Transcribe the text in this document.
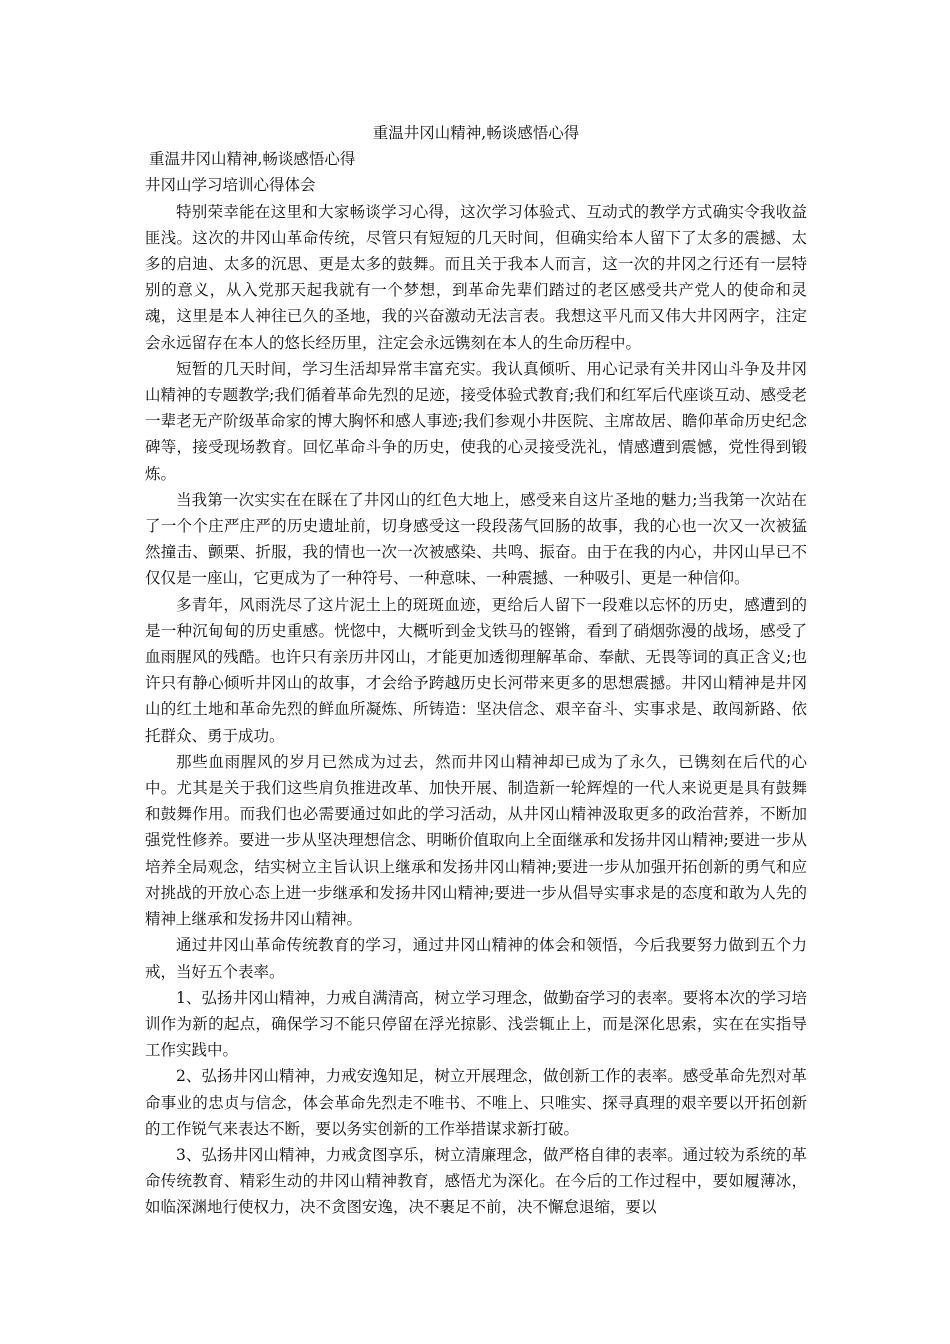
重温井冈山精神,畅谈感悟心得

重温井冈山精神,畅谈感悟心得

井冈山学习培训心得体会

特别荣幸能在这里和大家畅谈学习心得，这次学习体验式、互动式的教学方式确实令我收益匪浅。这次的井冈山革命传统，尽管只有短短的几天时间，但确实给本人留下了太多的震撼、太多的启迪、太多的沉思、更是太多的鼓舞。而且关于我本人而言，这一次的井冈之行还有一层特别的意义，从入党那天起我就有一个梦想，到革命先辈们踏过的老区感受共产党人的使命和灵魂，这里是本人神往已久的圣地，我的兴奋激动无法言表。我想这平凡而又伟大井冈两字，注定会永远留存在本人的悠长经历里，注定会永远镌刻在本人的生命历程中。

短暂的几天时间，学习生活却异常丰富充实。我认真倾听、用心记录有关井冈山斗争及井冈山精神的专题教学;我们循着革命先烈的足迹，接受体验式教育;我们和红军后代座谈互动、感受老一辈老无产阶级革命家的博大胸怀和感人事迹;我们参观小井医院、主席故居、瞻仰革命历史纪念碑等，接受现场教育。回忆革命斗争的历史，使我的心灵接受洗礼，情感遭到震憾，党性得到锻炼。

当我第一次实实在在睬在了井冈山的红色大地上，感受来自这片圣地的魅力;当我第一次站在了一个个庄严庄严的历史遗址前，切身感受这一段段荡气回肠的故事，我的心也一次又一次被猛然撞击、颤栗、折服，我的情也一次一次被感染、共鸣、振奋。由于在我的内心，井冈山早已不仅仅是一座山，它更成为了一种符号、一种意味、一种震撼、一种吸引、更是一种信仰。

多青年，风雨洗尽了这片泥土上的斑斑血迹，更给后人留下一段难以忘怀的历史，感遭到的是一种沉甸甸的历史重感。恍惚中，大概听到金戈铁马的铿锵，看到了硝烟弥漫的战场，感受了血雨腥风的残酷。也许只有亲历井冈山，才能更加透彻理解革命、奉献、无畏等词的真正含义;也许只有静心倾听井冈山的故事，才会给予跨越历史长河带来更多的思想震撼。井冈山精神是井冈山的红土地和革命先烈的鲜血所凝炼、所铸造：坚决信念、艰辛奋斗、实事求是、敢闯新路、依托群众、勇于成功。

那些血雨腥风的岁月已然成为过去，然而井冈山精神却已成为了永久，已镌刻在后代的心中。尤其是关于我们这些肩负推进改革、加快开展、制造新一轮辉煌的一代人来说更是具有鼓舞和鼓舞作用。而我们也必需要通过如此的学习活动，从井冈山精神汲取更多的政治营养，不断加强党性修养。要进一步从坚决理想信念、明晰价值取向上全面继承和发扬井冈山精神;要进一步从培养全局观念，结实树立主旨认识上继承和发扬井冈山精神;要进一步从加强开拓创新的勇气和应对挑战的开放心态上进一步继承和发扬井冈山精神;要进一步从倡导实事求是的态度和敢为人先的精神上继承和发扬井冈山精神。

通过井冈山革命传统教育的学习，通过井冈山精神的体会和领悟，今后我要努力做到五个力戒，当好五个表率。

1、弘扬井冈山精神，力戒自满清高，树立学习理念，做勤奋学习的表率。要将本次的学习培训作为新的起点，确保学习不能只停留在浮光掠影、浅尝辄止上，而是深化思索，实在在实指导工作实践中。

2、弘扬井冈山精神，力戒安逸知足，树立开展理念，做创新工作的表率。感受革命先烈对革命事业的忠贞与信念，体会革命先烈走不唯书、不唯上、只唯实、探寻真理的艰辛要以开拓创新的工作锐气来表达不断，要以务实创新的工作举措谋求新打破。

3、弘扬井冈山精神，力戒贪图享乐，树立清廉理念，做严格自律的表率。通过较为系统的革命传统教育、精彩生动的井冈山精神教育，感悟尤为深化。在今后的工作过程中，要如履薄冰，如临深渊地行使权力，决不贪图安逸，决不裹足不前，决不懈怠退缩，要以
